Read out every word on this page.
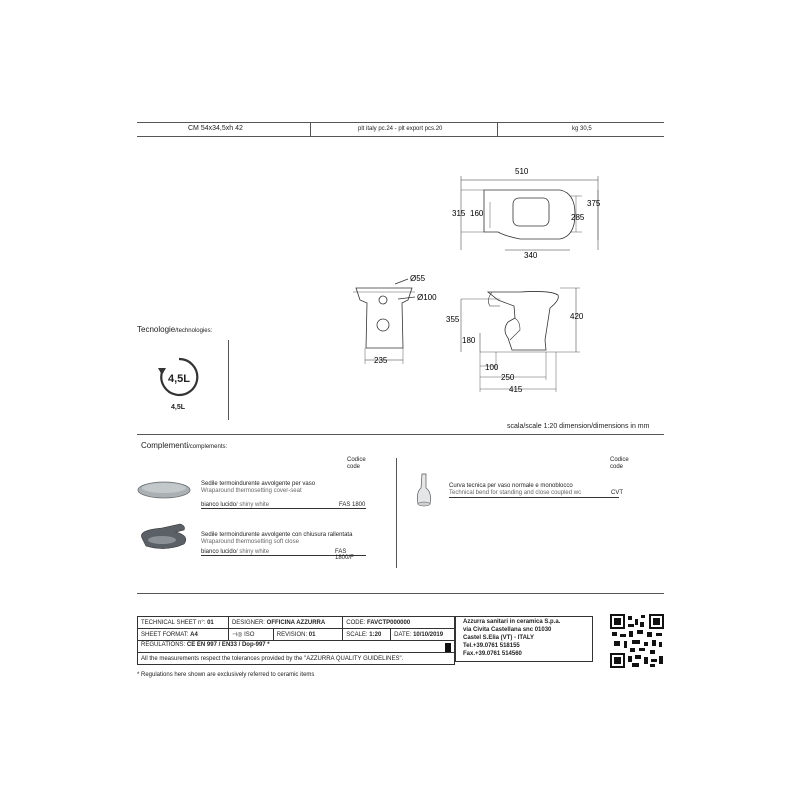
CM 54x34,5xh 42	plt italy pc.24 - plt export pcs.20	kg 30,5
510
315 160	285
375
340
Ø55
Ø100
235
355	420
180
100
250
415
Tecnologie/technologies:
4,5L
4,5L
scala/scale 1:20 dimension/dimensions in mm
Complementi/complements:
Codice
code
Codice
code
Sedile termoindurente avvolgente per vaso
Wraparound thermosetting cover-seat
bianco lucido/ shiny white	FAS 1800
Sedile termoindurente avvolgente con chiusura rallentata
Wraparound thermosetting soft close
bianco lucido/ shiny white	FAS 1800/F
Curva tecnica per vaso normale e monoblocco
Technical bend for standing and close coupled wc	CVT
TECHNICAL SHEET n°: 01	DESIGNER: OFFICINA AZZURRA		CODE: FAVCTP000000	
SHEET FORMAT: A4	⊣◎ ISO	REVISION: 01	SCALE: 1:20	DATE: 10/10/2019
REGULATIONS: CE EN 997 / EN33 / Dop-997 *				

All the measurements respect the tolerances provided by the "AZZURRA QUALITY GUIDELINES".				
Azzurra sanitari in ceramica S.p.a.
via Civita Castellana snc 01030
Castel S.Elia (VT) - ITALY
Tel.+39.0761 518155
Fax.+39.0761 514560
* Regulations here shown are exclusively referred to ceramic items
